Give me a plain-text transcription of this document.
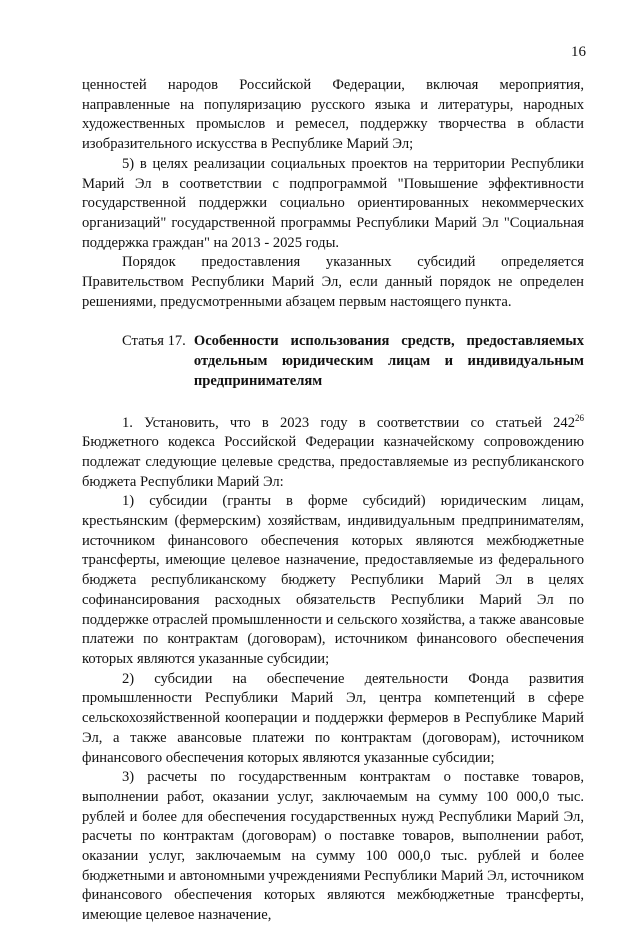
16

ценностей народов Российской Федерации, включая мероприятия, направленные на популяризацию русского языка и литературы, народных художественных промыслов и ремесел, поддержку творчества в области изобразительного искусства в Республике Марий Эл;

5) в целях реализации социальных проектов на территории Республики Марий Эл в соответствии с подпрограммой "Повышение эффективности государственной поддержки социально ориентированных некоммерческих организаций" государственной программы Республики Марий Эл "Социальная поддержка граждан" на 2013 - 2025 годы.

Порядок предоставления указанных субсидий определяется Правительством Республики Марий Эл, если данный порядок не определен решениями, предусмотренными абзацем первым настоящего пункта.

Статья 17. Особенности использования средств, предоставляемых отдельным юридическим лицам и индивидуальным предпринимателям

1. Установить, что в 2023 году в соответствии со статьей $242^{26}$ Бюджетного кодекса Российской Федерации казначейскому сопровождению подлежат следующие целевые средства, предоставляемые из республиканского бюджета Республики Марий Эл:

1) субсидии (гранты в форме субсидий) юридическим лицам, крестьянским (фермерским) хозяйствам, индивидуальным предпринимателям, источником финансового обеспечения которых являются межбюджетные трансферты, имеющие целевое назначение, предоставляемые из федерального бюджета республиканскому бюджету Республики Марий Эл в целях софинансирования расходных обязательств Республики Марий Эл по поддержке отраслей промышленности и сельского хозяйства, а также авансовые платежи по контрактам (договорам), источником финансового обеспечения которых являются указанные субсидии;

2) субсидии на обеспечение деятельности Фонда развития промышленности Республики Марий Эл, центра компетенций в сфере сельскохозяйственной кооперации и поддержки фермеров в Республике Марий Эл, а также авансовые платежи по контрактам (договорам), источником финансового обеспечения которых являются указанные субсидии;

3) расчеты по государственным контрактам о поставке товаров, выполнении работ, оказании услуг, заключаемым на сумму 100 000,0 тыс. рублей и более для обеспечения государственных нужд Республики Марий Эл, расчеты по контрактам (договорам) о поставке товаров, выполнении работ, оказании услуг, заключаемым на сумму 100 000,0 тыс. рублей и более бюджетными и автономными учреждениями Республики Марий Эл, источником финансового обеспечения которых являются межбюджетные трансферты, имеющие целевое назначение,
